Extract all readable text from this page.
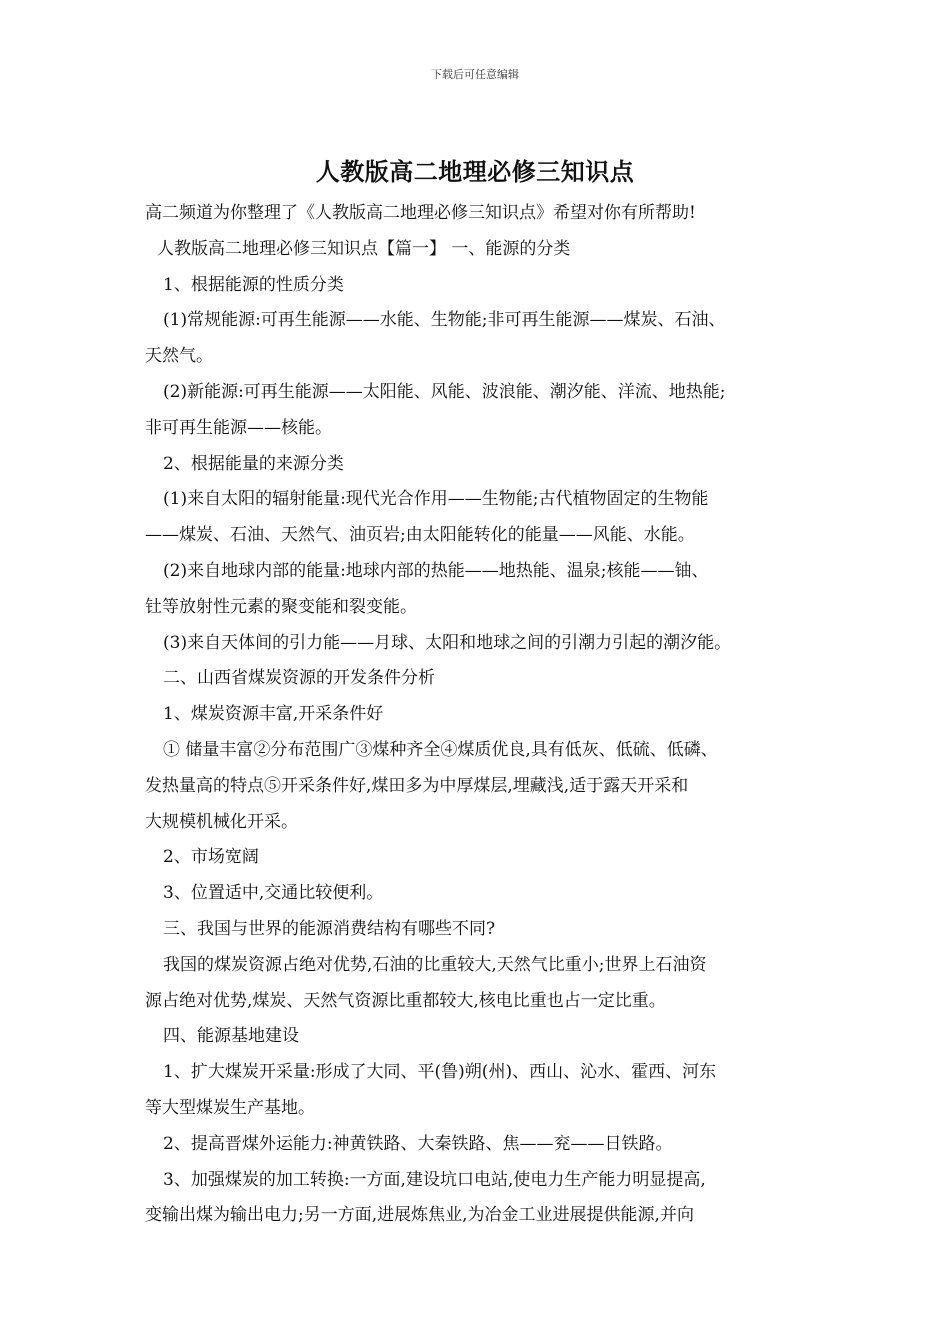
下载后可任意编辑
人教版高二地理必修三知识点
高二频道为你整理了《人教版高二地理必修三知识点》希望对你有所帮助!
人教版高二地理必修三知识点【篇一】 一、能源的分类
1、根据能源的性质分类
(1)常规能源:可再生能源——水能、生物能;非可再生能源——煤炭、石油、
天然气。
(2)新能源:可再生能源——太阳能、风能、波浪能、潮汐能、洋流、地热能;
非可再生能源——核能。
2、根据能量的来源分类
(1)来自太阳的辐射能量:现代光合作用——生物能;古代植物固定的生物能
——煤炭、石油、天然气、油页岩;由太阳能转化的能量——风能、水能。
(2)来自地球内部的能量:地球内部的热能——地热能、温泉;核能——铀、
钍等放射性元素的聚变能和裂变能。
(3)来自天体间的引力能——月球、太阳和地球之间的引潮力引起的潮汐能。
二、山西省煤炭资源的开发条件分析
1、煤炭资源丰富,开采条件好
① 储量丰富②分布范围广③煤种齐全④煤质优良,具有低灰、低硫、低磷、
发热量高的特点⑤开采条件好,煤田多为中厚煤层,埋藏浅,适于露天开采和
大规模机械化开采。
2、市场宽阔
3、位置适中,交通比较便利。
三、我国与世界的能源消费结构有哪些不同?
我国的煤炭资源占绝对优势,石油的比重较大,天然气比重小;世界上石油资
源占绝对优势,煤炭、天然气资源比重都较大,核电比重也占一定比重。
四、能源基地建设
1、扩大煤炭开采量:形成了大同、平(鲁)朔(州)、西山、沁水、霍西、河东
等大型煤炭生产基地。
2、提高晋煤外运能力:神黄铁路、大秦铁路、焦——兖——日铁路。
3、加强煤炭的加工转换:一方面,建设坑口电站,使电力生产能力明显提高,
变输出煤为输出电力;另一方面,进展炼焦业,为冶金工业进展提供能源,并向
